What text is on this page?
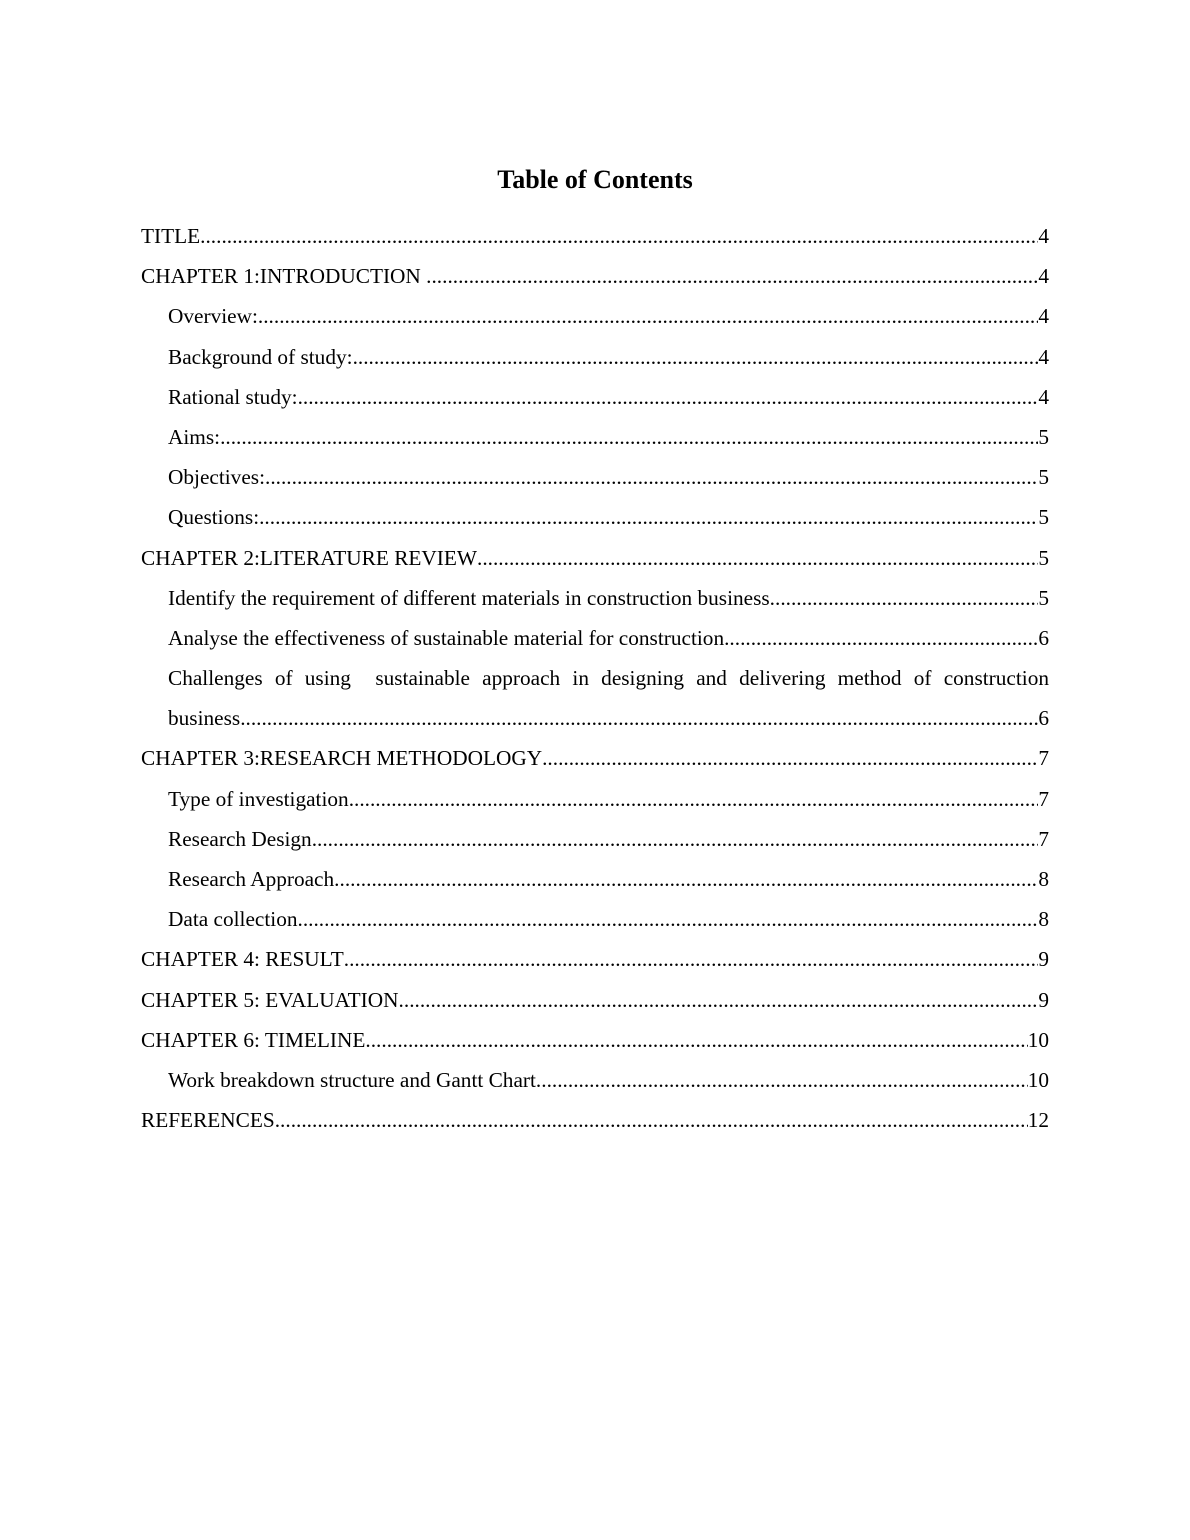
Table of Contents
TITLE .....	4
CHAPTER 1:INTRODUCTION .....	4
Overview: .....	4
Background of study: .....	4
Rational study: .....	4
Aims: .....	5
Objectives: .....	5
Questions: .....	5
CHAPTER 2:LITERATURE REVIEW .....	5
Identify the requirement of different materials in construction business .....	5
Analyse the effectiveness of sustainable material for construction .....	6
Challenges of using  sustainable approach in designing and delivering method of construction
business .....	6
CHAPTER 3:RESEARCH METHODOLOGY .....	7
Type of investigation .....	7
Research Design .....	7
Research Approach .....	8
Data collection .....	8
CHAPTER 4: RESULT .....	9
CHAPTER 5: EVALUATION .....	9
CHAPTER 6: TIMELINE .....	10
Work breakdown structure and Gantt Chart .....	10
REFERENCES .....	12
